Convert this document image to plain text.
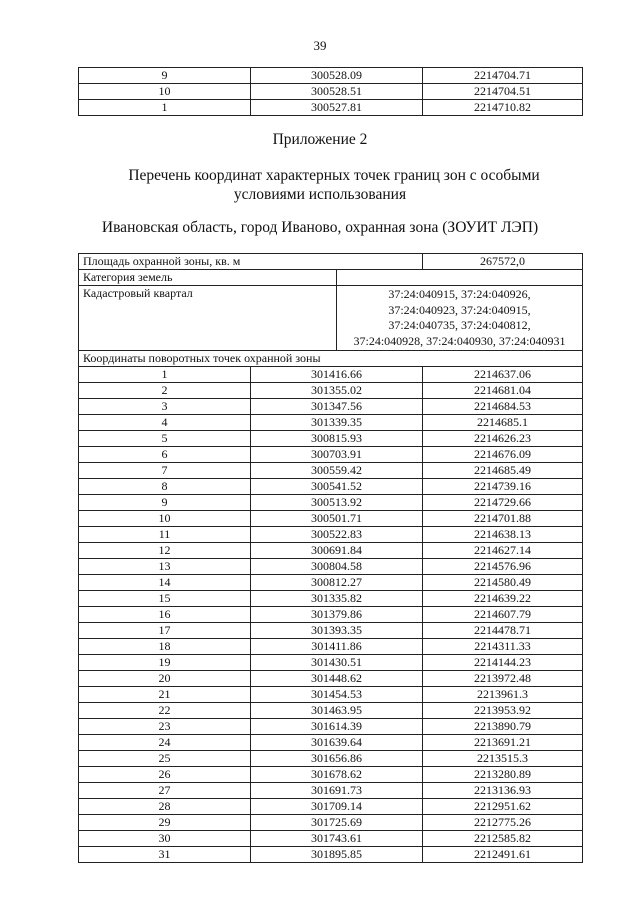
39
9	300528.09	2214704.71
10	300528.51	2214704.51
1	300527.81	2214710.82
Приложение 2
Перечень координат характерных точек границ зон с особыми
условиями использования
Ивановская область, город Иваново, охранная зона (ЗОУИТ ЛЭП)
Площадь охранной зоны, кв. м			267572,0
Категория земель			
Кадастровый квартал		37:24:040915, 37:24:040926,
37:24:040923, 37:24:040915,
37:24:040735, 37:24:040812,
37:24:040928, 37:24:040930, 37:24:040931	

Координаты поворотных точек охранной зоны			
1	301416.66		2214637.06
2	301355.02		2214681.04
3	301347.56		2214684.53
4	301339.35		2214685.1
5	300815.93		2214626.23
6	300703.91		2214676.09
7	300559.42		2214685.49
8	300541.52		2214739.16
9	300513.92		2214729.66
10	300501.71		2214701.88
11	300522.83		2214638.13
12	300691.84		2214627.14
13	300804.58		2214576.96
14	300812.27		2214580.49
15	301335.82		2214639.22
16	301379.86		2214607.79
17	301393.35		2214478.71
18	301411.86		2214311.33
19	301430.51		2214144.23
20	301448.62		2213972.48
21	301454.53		2213961.3
22	301463.95		2213953.92
23	301614.39		2213890.79
24	301639.64		2213691.21
25	301656.86		2213515.3
26	301678.62		2213280.89
27	301691.73		2213136.93
28	301709.14		2212951.62
29	301725.69		2212775.26
30	301743.61		2212585.82
31	301895.85		2212491.61
